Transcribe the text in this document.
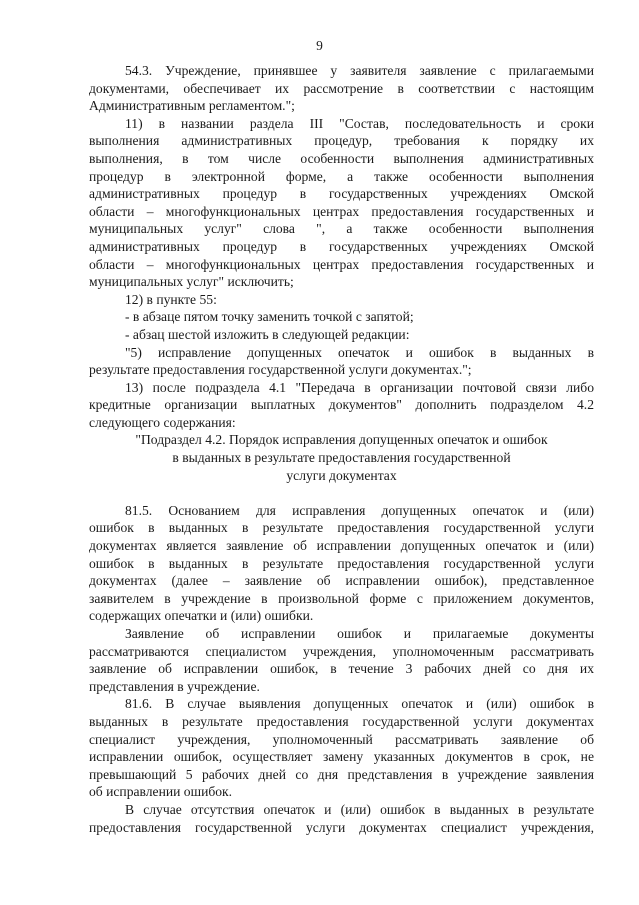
9
54.3. Учреждение, принявшее у заявителя заявление с прилагаемыми
документами, обеспечивает их рассмотрение в соответствии с настоящим
Административным регламентом.";
11) в названии раздела III "Состав, последовательность и сроки
выполнения административных процедур, требования к порядку их
выполнения, в том числе особенности выполнения административных
процедур в электронной форме, а также особенности выполнения
административных процедур в государственных учреждениях Омской
области – многофункциональных центрах предоставления государственных и
муниципальных услуг" слова ", а также особенности выполнения
административных процедур в государственных учреждениях Омской
области – многофункциональных центрах предоставления государственных и
муниципальных услуг" исключить;
12) в пункте 55:
- в абзаце пятом точку заменить точкой с запятой;
- абзац шестой изложить в следующей редакции:
"5) исправление допущенных опечаток и ошибок в выданных в
результате предоставления государственной услуги документах.";
13) после подраздела 4.1 "Передача в организации почтовой связи либо
кредитные организации выплатных документов" дополнить подразделом 4.2
следующего содержания:
"Подраздел 4.2. Порядок исправления допущенных опечаток и ошибок
в выданных в результате предоставления государственной
услуги документах
81.5. Основанием для исправления допущенных опечаток и (или)
ошибок в выданных в результате предоставления государственной услуги
документах является заявление об исправлении допущенных опечаток и (или)
ошибок в выданных в результате предоставления государственной услуги
документах (далее – заявление об исправлении ошибок), представленное
заявителем в учреждение в произвольной форме с приложением документов,
содержащих опечатки и (или) ошибки.
Заявление об исправлении ошибок и прилагаемые документы
рассматриваются специалистом учреждения, уполномоченным рассматривать
заявление об исправлении ошибок, в течение 3 рабочих дней со дня их
представления в учреждение.
81.6. В случае выявления допущенных опечаток и (или) ошибок в
выданных в результате предоставления государственной услуги документах
специалист учреждения, уполномоченный рассматривать заявление об
исправлении ошибок, осуществляет замену указанных документов в срок, не
превышающий 5 рабочих дней со дня представления в учреждение заявления
об исправлении ошибок.
В случае отсутствия опечаток и (или) ошибок в выданных в результате
предоставления государственной услуги документах специалист учреждения,
